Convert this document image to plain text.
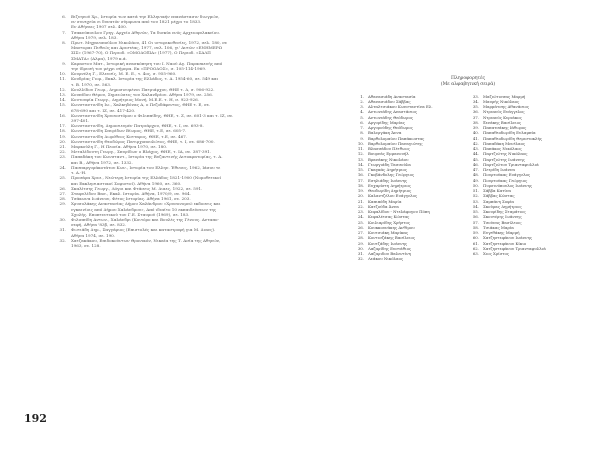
6.	Βιζυηνού Χρ., Ιστορία των κατά την Ελληνικήν επανάστασιν διωγμών,
εν συνεχεία ει δυνατόν σύμφωνα από του 1821 μέχρι το 1833.
Εν Αθήναις 1907 σελ. 400.
7.	Τσακνόπουλου Γρηγ. Αρχείο Αθηνών, Τα δισκία ενός Αρχειοφυλακείου.
Αθήνα 1979, σελ. 183.
8.	Πρωτ. Μηχανοπούλου Νικολάου, 41 Οι ιστορικοθεσίες, 1972, σελ. 180, σε
Μαστοραι Πυθεώς και Αριστέας, 1977, σελ. 106, γι' Αυτών «ΕΝΗΜΕΡΩ
ΣΙΣ» (1967-70), Ο Περιοδ. «ΟΜΟΔΟΞΙΑ» (1977), Ο Περιοδ. «ΣΑΛΠ
ΣΜΑΤΑ» (Αλμα), 1979 κ.ά.
9.	Καραστου Ματ., Ιστορική ανασκόπηση του Ι. Ναού Αγ. Παρασκευής από
την ίδρυσή του μέχρι σήμερα. Εκ «ΠΡΟΟΔΟΣ», σ. 105-114-1969.
10.	Κουρνέλη Γ., Ελευσίς, Μ. Ε. Ε., τ. 4ος, σ. 955-960.
11.	Κουδρίας Γιορ., Εκκλ. Ιστορία της Ελλάδος, τ. Α. 1954-60, σε. 549 και
τ. Β. 1970, σε. 563.
12.	Κουλλίδου Γεωρ., Δημοσιευμένοι Πατριάρχου, ΘΗΕ τ. Δ, σ. 906-922.
13.	Κουπίδου Θέμου, Σημειώσεις του Χαλανδρίου. Αθήνα 1979, σε. 256.
14.	Κουτουφία Γεωργ., Δημήτριος Μονή, Μ.Ε.Ε. τ. Η, σ. 923-926.
15.	Κωνσταντινίδη Ιω., Χαλκηδόνας Α, ο Πεζοδάφεντος, ΘΗΕ τ. Ε, σε.
678-690 και τ. ΙΖ, σε. 417-420.
16.	Κωνσταντινίδη Χρυσοστόμου ο Φιλιππίδης, ΘΗΕ, τ. Ζ, σε. 601-3 και τ. ΙΖ, σε.
397-401.
17.	Κωνσταντινίδη, Δημοσιευμέν Πατριάρχου, ΘΗΕ, τ. Ι, σε. 693-8.
18.	Κωνσταντινίδη Σπυρίδων Βίωμος, ΘΗΕ, τ.Ε, σε. 605-7.
19.	Κωνσταντινίδη Δωρόθεος Κοτταρος, ΘΗΕ, τ.Ε, σε. 467.
20.	Κωνσταντινίδη Θεοδώρος Πατιρχοπουλώτος, ΘΗΕ, τ. Ι, σε. 686-700.
21.	Μαρκούλη Γ., Η Πεοεία. Αθήνα 1970, σε. 180.
22.	Μεταλίδουτη Γεωργ., Σπυρίδων ο Βλάχος, ΘΗΕ, τ. ΙΑ, σε. 387-391.
23.	Παπαδάκη του Κωνσταντ., Ιστορία της Βυζαντινής Αυτοκρατορίας, τ. Α.
και Β., Αθήνα 1972, σε. 1332.
24.	Πασπαργυράκοτάτου Κων., Ιστορία του Ελλην. Έθνους, 1962, Ιάσου τε
τ. Α.-Η.
25.	Προσάρα Χρισ., Νεώτερη Ιστορία της Ελλάδος 1821-1900 (Νομοθετικοί
και Εκκλησιαστικοί Σοφιστοί). Αθήνα 1960, σε. 360.
26.	Σκαλίτσης Γεωργ., Λόγοι και Φτάσεις Μ. Διαες, 1922, σε. 591.
27.	Σταφυλίδου Βασ., Εκκλ. Ιστορία. Αθήνα, 1970/9, σε. 964.
28.	Τσάκωνα Ιωάννου, Φέτος Ιστορίας. Αθήνα 1961, σε. 203.
29.	Χρυσολάκης Αναστασίας Δήμου Χαλάνδρου «Χρυσονομεώ εκδοσεις και
εγκαινίοις από Δήμου Χαλάνδρου», Από ιδιαίτο 10 εκπαιδεύσεων της
Σχολής. Εποπτευτικού του Γ.Ε. Σταυρού (1969), σε. 183.
30.	Φιλιππίδη Αντων., Χαλάνδρι (Κοιτόρο και Βουλές της Γένους. Ανταπο-
σεφή, Αθήνα '83β, σε. 832.
31.	Φωτιάδη Δημ., Σαγγάριος (Επιστολές και καταστροφή για Μ. Διαες).
Αθήνα 1974, σε. 190.
32.	Χατζακάκου, Επιδοκούντων Θρονικόν, Νικαία της Τ. Ασία της Αθηνών,
1963, σε. 128.
192
Πληροφορητές
(Με αλφαβητική σειρά)
1.	Αθανασιάδη Αναστασία
2.	Αθανασιάδου Σάββας
3.	Αλταλτσιάκου Κωνσταντίνα Ελ.
4.	Αντωνιάδης Αναστάσιος
5.	Αντωνιάδης Θεόδωρος
6.	Αργυρίδης Μαρίας
7.	Αργυρούδης Θεόδωρος
8.	Βαλεργάκη Άννα
9.	Βαρθολομαίου Παπάκωστας
10.	Βαρθολομαίου Παναγιώτης
11.	Βλασσάδου Πέτθωος
12.	Βουρνάς Εμμανουήλ
13.	Βρανάκης Νικολάου
14.	Γεωργιάδη Τασσούλα
15.	Γκαγκάς Δημήτριος
16.	Γκοβάνδολης Γεώργιος
17.	Εσηλιάδης Ιωάννης
18.	Ευχαρίστη Δημήτριος
19.	Θεοδωρίδη Δημήτριος
20.	Καλαντζέλου Ευάγγελος
21.	Καπιπόδη Μαρία
22.	Κατζούδα Άννα
23.	Κεφαλίδου - Ντελάφογου Πόπη
24.	Κεφαλέτσας Κώστας
25.	Κοιλιαρίδης Χρήστος
26.	Κουκκουνάκης Ανθίμου
27.	Κουτσιάκη Μαρίκας
28.	Κοντισζάκης Βασίλειος
29.	Κουτζάδης Ιωάννης
30.	Λαζαρίδης Ευστάθιος
31.	Λαζαριδου Βαλεντίνη
32.	Λεάκου Νικόλαος
33.	Μαζιώτισσας Μαρμή
34.	Μαυρής Νικόλαος
35.	Μαρμάτσης Αθανάσιος
36.	Ντριανός Ευάγγελος
37.	Ντριανός Κυριάκος
38.	Ξενάκης Βασίλειος
39.	Παπατσάκης Ιάθωρος
40.	Παπαθεοδωρίδη Ευλαμπία
41.	Παπαθεοδωρίδη Θεμιστοκλής
42.	Παπαδάκη Μενέλαος
43.	Παπάκος Νικόλαος
44.	Παρτζιώτης Νικόλαος
45.	Παρτζιώτης Ιωάννης
46.	Παρτζιώτου Τριανταφυλλιά
47.	Πετρίδη Ιωάννα
48.	Πουρτούκας Ευάγγελος
49.	Πουρτούκας Γεώργιος
50.	Πυρσινόπουλος Ιωάννης
51.	Σάββα Κατίνα
52.	Σάββας Κώστας
53.	Σαμπάνη Σοφία
54.	Σκούρας Δημήτριος
55.	Σκουρίδης Σταμάτιος
56.	Σκουτέρης Ιωάννης
57.	Τσούνας Βασίλειος
58.	Τσιάκας Μαρία
59.	Ευγεθάκης Μαρμή
60.	Χατζηστεφάνου Ιωάννης
61.	Χατζηστεφάνου Κίκιο
62.	Χατζηστεφάνου Τριανταφυλλιά
63.	Χιος Χρίστος
